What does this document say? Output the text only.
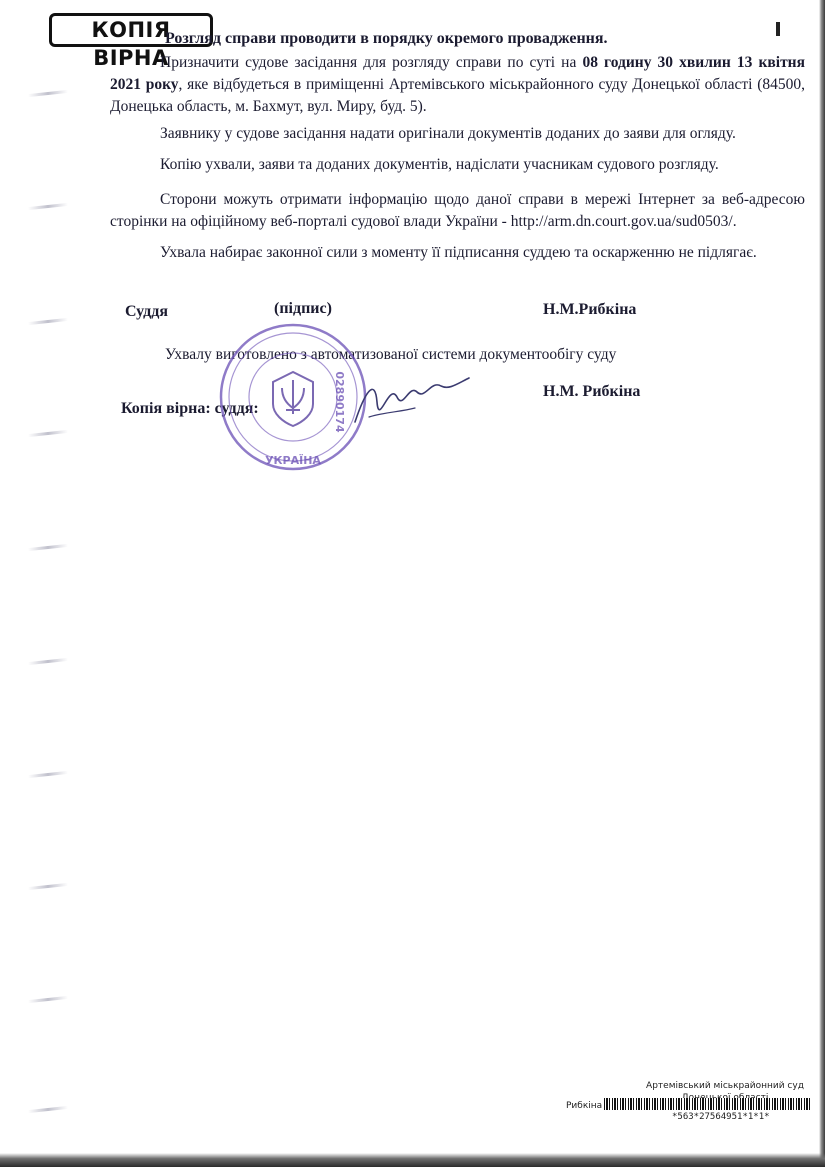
КОПІЯ ВІРНА
Розгляд справи проводити в порядку окремого провадження.
Призначити судове засідання для розгляду справи по суті на 08 годину 30 хвилин 13 квітня 2021 року, яке відбудеться в приміщенні Артемівського міськрайонного суду Донецької області (84500, Донецька область, м. Бахмут, вул. Миру, буд. 5).
Заявнику у судове засідання надати оригінали документів доданих до заяви для огляду.
Копію ухвали, заяви та доданих документів, надіслати учасникам судового розгляду.
Сторони можуть отримати інформацію щодо даної справи в мережі Інтернет за веб-адресою сторінки на офіційному веб-порталі судової влади України - http://arm.dn.court.gov.ua/sud0503/.
Ухвала набирає законної сили з моменту її підписання суддею та оскарженню не підлягає.
Суддя	(підпис)	Н.М.Рибкіна
Ухвалу виготовлено з автоматизованої системи документообігу суду
Копія вірна: суддя:
Н.М. Рибкіна
УКРАЇНА
02890174
Артемівський міськрайонний суд
Рибкіна
*563*27564951*1*1*
